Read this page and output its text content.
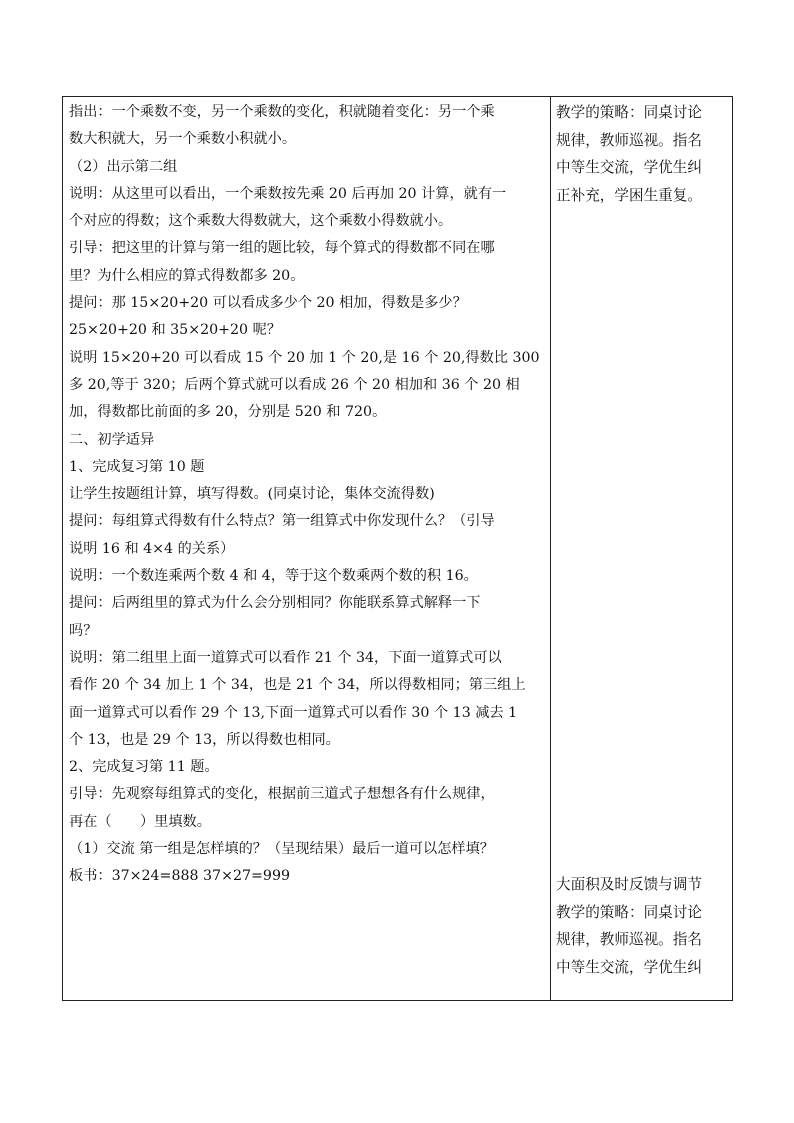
指出：一个乘数不变，另一个乘数的变化，积就随着变化：另一个乘
数大积就大，另一个乘数小积就小。
（2）出示第二组
说明：从这里可以看出，一个乘数按先乘 20 后再加 20 计算，就有一
个对应的得数；这个乘数大得数就大，这个乘数小得数就小。
引导：把这里的计算与第一组的题比较，每个算式的得数都不同在哪
里？为什么相应的算式得数都多 20。
提问：那 15×20+20 可以看成多少个 20 相加，得数是多少？
25×20+20 和 35×20+20 呢？
说明 15×20+20 可以看成 15 个 20 加 1 个 20,是 16 个 20,得数比 300
多 20,等于 320；后两个算式就可以看成 26 个 20 相加和 36 个 20 相
加，得数都比前面的多 20，分别是 520 和 720。
二、初学适异
1、完成复习第 10 题
让学生按题组计算，填写得数。(同桌讨论，集体交流得数)
提问：每组算式得数有什么特点？第一组算式中你发现什么？（引导
说明 16 和 4×4 的关系）
说明：一个数连乘两个数 4 和 4，等于这个数乘两个数的积 16。
提问：后两组里的算式为什么会分别相同？你能联系算式解释一下
吗？
说明：第二组里上面一道算式可以看作 21 个 34，下面一道算式可以
看作 20 个 34 加上 1 个 34，也是 21 个 34，所以得数相同；第三组上
面一道算式可以看作 29 个 13,下面一道算式可以看作 30 个 13 减去 1
个 13，也是 29 个 13，所以得数也相同。
2、完成复习第 11 题。
引导：先观察每组算式的变化，根据前三道式子想想各有什么规律，
再在（　　）里填数。
（1）交流 第一组是怎样填的？（呈现结果）最后一道可以怎样填？
板书：37×24=888 37×27=999
教学的策略：同桌讨论
规律，教师巡视。指名
中等生交流，学优生纠
正补充，学困生重复。
大面积及时反馈与调节
教学的策略：同桌讨论
规律，教师巡视。指名
中等生交流，学优生纠
